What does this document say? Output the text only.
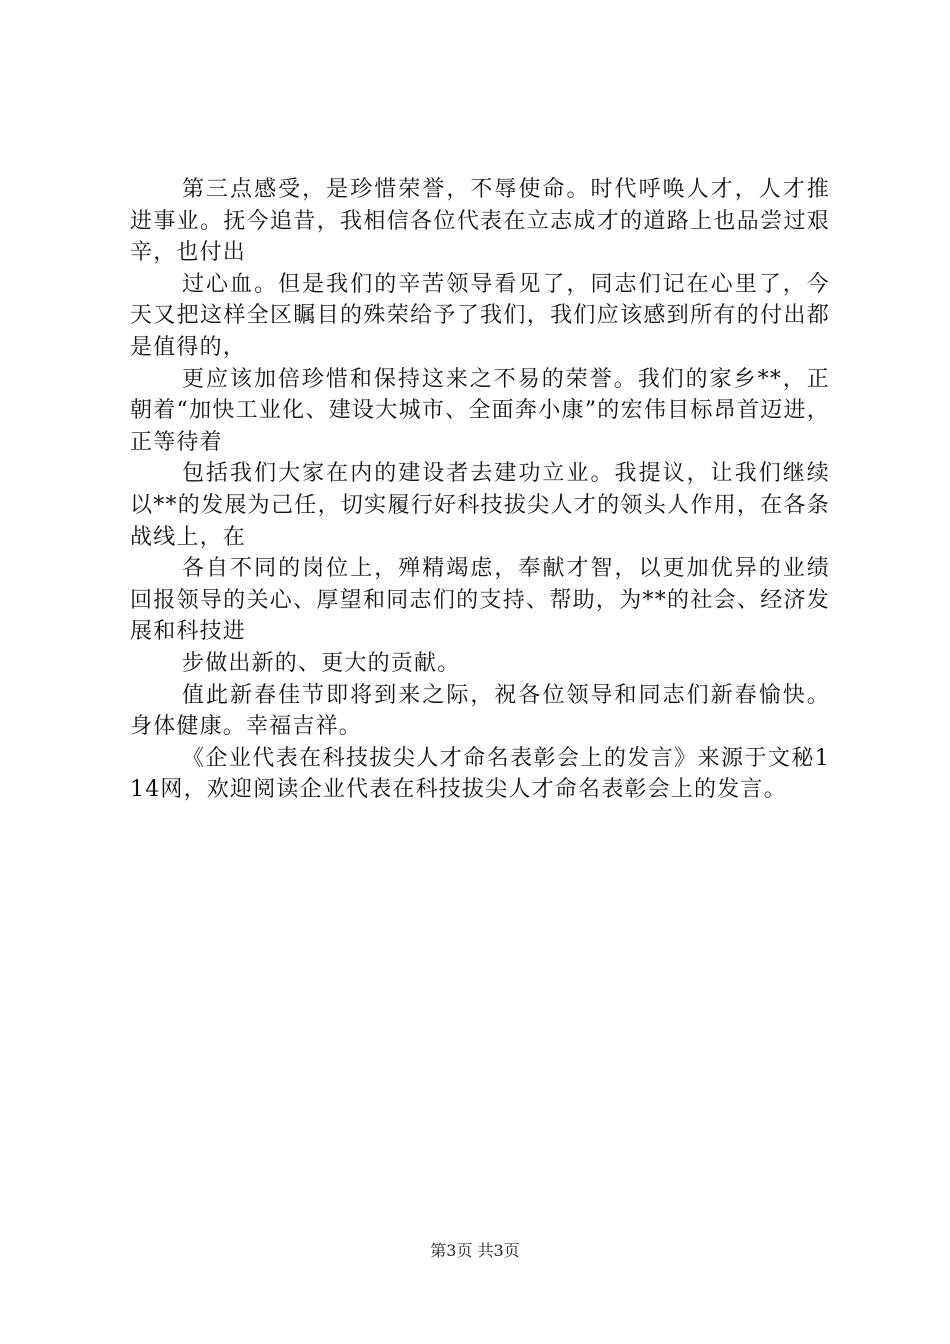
第三点感受，是珍惜荣誉，不辱使命。时代呼唤人才，人才推进事业。抚今追昔，我相信各位代表在立志成才的道路上也品尝过艰辛，也付出

过心血。但是我们的辛苦领导看见了，同志们记在心里了，今天又把这样全区瞩目的殊荣给予了我们，我们应该感到所有的付出都是值得的，

更应该加倍珍惜和保持这来之不易的荣誉。我们的家乡**，正朝着“加快工业化、建设大城市、全面奔小康”的宏伟目标昂首迈进，正等待着

包括我们大家在内的建设者去建功立业。我提议，让我们继续以**的发展为己任，切实履行好科技拔尖人才的领头人作用，在各条战线上，在

各自不同的岗位上，殚精竭虑，奉献才智，以更加优异的业绩回报领导的关心、厚望和同志们的支持、帮助，为**的社会、经济发展和科技进

步做出新的、更大的贡献。

值此新春佳节即将到来之际，祝各位领导和同志们新春愉快。身体健康。幸福吉祥。

《企业代表在科技拔尖人才命名表彰会上的发言》来源于文秘114网，欢迎阅读企业代表在科技拔尖人才命名表彰会上的发言。

第3页 共3页
